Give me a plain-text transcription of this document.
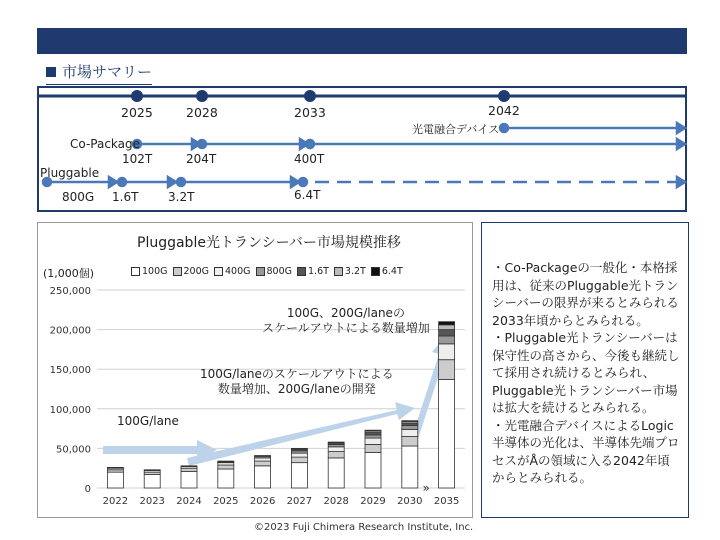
市場サマリー
2025	2028	2033	2042
光電融合デバイス
Co-Package
102T	204T	400T
Pluggable
800G 1.6T 3.2T	6.4T
Pluggable光トランシーバー市場規模推移
(1,000個)	100G	200G	400G	800G	1.6T	3.2T	6.4T
0
50,000
100,000
150,000
200,000
250,000
2022 2023 2024 2025 2026 2027 2028 2029 2030 2035
»
100G/lane
100G/laneのスケールアウトによる
数量増加、200G/laneの開発
100G、200G/laneの
スケールアウトによる数量増加

・Co-Packageの一般化・本格採用は、従来のPluggable光トランシーバーの限界が来るとみられる2033年頃からとみられる。

・Pluggable光トランシーバーは保守性の高さから、今後も継続して採用され続けるとみられ、Pluggable光トランシーバー市場は拡大を続けるとみられる。

・光電融合デバイスによるLogic半導体の光化は、半導体先端プロセスがÅの領域に入る2042年頃からとみられる。

©2023 Fuji Chimera Research Institute, Inc.
